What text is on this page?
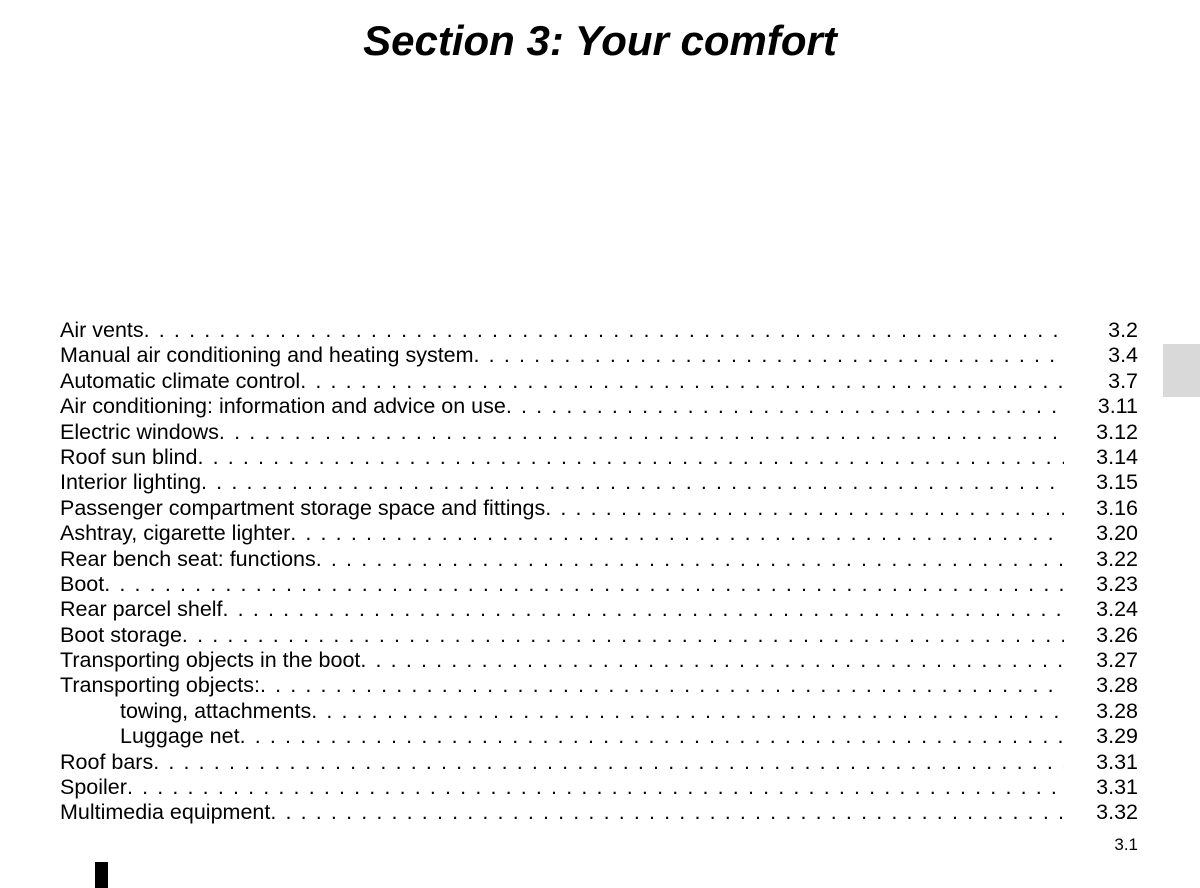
Section 3: Your comfort
Air vents . . .	3.2
Manual air conditioning and heating system . . .	3.4
Automatic climate control . . .	3.7
Air conditioning: information and advice on use . . .	3.11
Electric windows . . .	3.12
Roof sun blind . . .	3.14
Interior lighting . . .	3.15
Passenger compartment storage space and fittings . . .	3.16
Ashtray, cigarette lighter . . .	3.20
Rear bench seat: functions . . .	3.22
Boot . . .	3.23
Rear parcel shelf . . .	3.24
Boot storage . . .	3.26
Transporting objects in the boot . . .	3.27
Transporting objects: . . .	3.28
towing, attachments . . .	3.28
Luggage net . . .	3.29
Roof bars . . .	3.31
Spoiler . . .	3.31
Multimedia equipment . . .	3.32
3.1
